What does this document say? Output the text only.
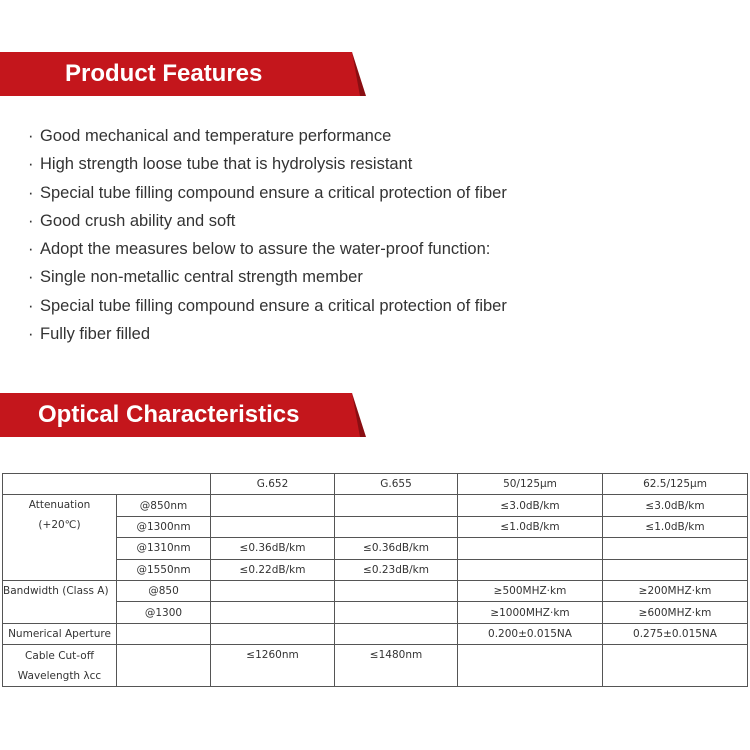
Product Features
· Good mechanical and temperature performance
· High strength loose tube that is hydrolysis resistant
· Special tube filling compound ensure a critical protection of fiber
· Good crush ability and soft
· Adopt the measures below to assure the water-proof function:
· Single non-metallic central strength member
· Special tube filling compound ensure a critical protection of fiber
· Fully fiber filled
Optical Characteristics
		G.652	G.655	50/125μm	62.5/125μm

Attenuation
(+20℃)	@850nm			≤3.0dB/km	≤3.0dB/km
	@1300nm			≤1.0dB/km	≤1.0dB/km
	@1310nm	≤0.36dB/km	≤0.36dB/km		
	@1550nm	≤0.22dB/km	≤0.23dB/km		

Bandwidth (Class A)	@850			≥500MHZ·km	≥200MHZ·km
	@1300			≥1000MHZ·km	≥600MHZ·km
Numerical Aperture				0.200±0.015NA	0.275±0.015NA

Cable Cut-off
Wavelength λcc		≤1260nm	≤1480nm		
